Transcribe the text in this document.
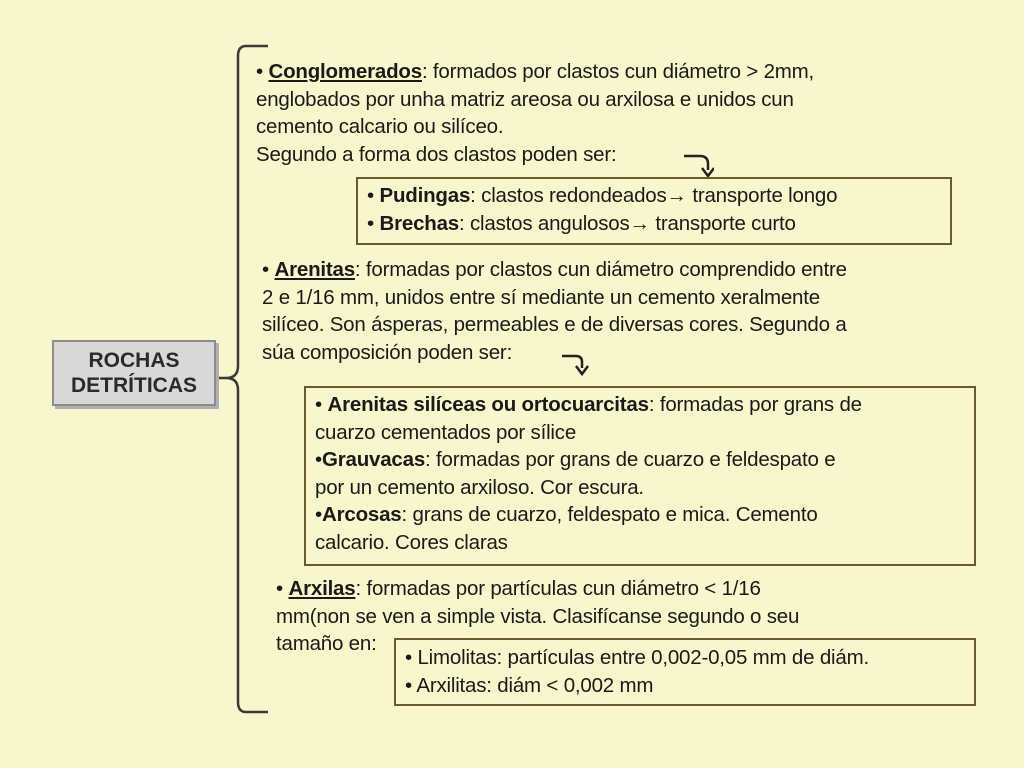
ROCHAS
DETRÍTICAS
• Conglomerados: formados por clastos cun diámetro > 2mm,
englobados por unha matriz areosa ou arxilosa e unidos cun
cemento calcario ou silíceo.
Segundo a forma dos clastos poden ser:
• Pudingas: clastos redondeados→ transporte longo
• Brechas: clastos angulosos→ transporte curto
• Arenitas: formadas por clastos cun diámetro comprendido entre
2 e 1/16 mm, unidos entre sí mediante un cemento xeralmente
silíceo. Son ásperas, permeables e de diversas cores. Segundo a
súa composición poden ser:
• Arenitas silíceas ou ortocuarcitas: formadas por grans de
cuarzo cementados por sílice
•Grauvacas: formadas por grans de cuarzo e feldespato e
por un cemento arxiloso. Cor escura.
•Arcosas: grans de cuarzo, feldespato e mica. Cemento
calcario. Cores claras
• Arxilas: formadas por partículas cun diámetro < 1/16
mm(non se ven a simple vista. Clasifícanse segundo o seu
tamaño en:
• Limolitas: partículas entre 0,002-0,05 mm de diám.
• Arxilitas: diám < 0,002 mm
